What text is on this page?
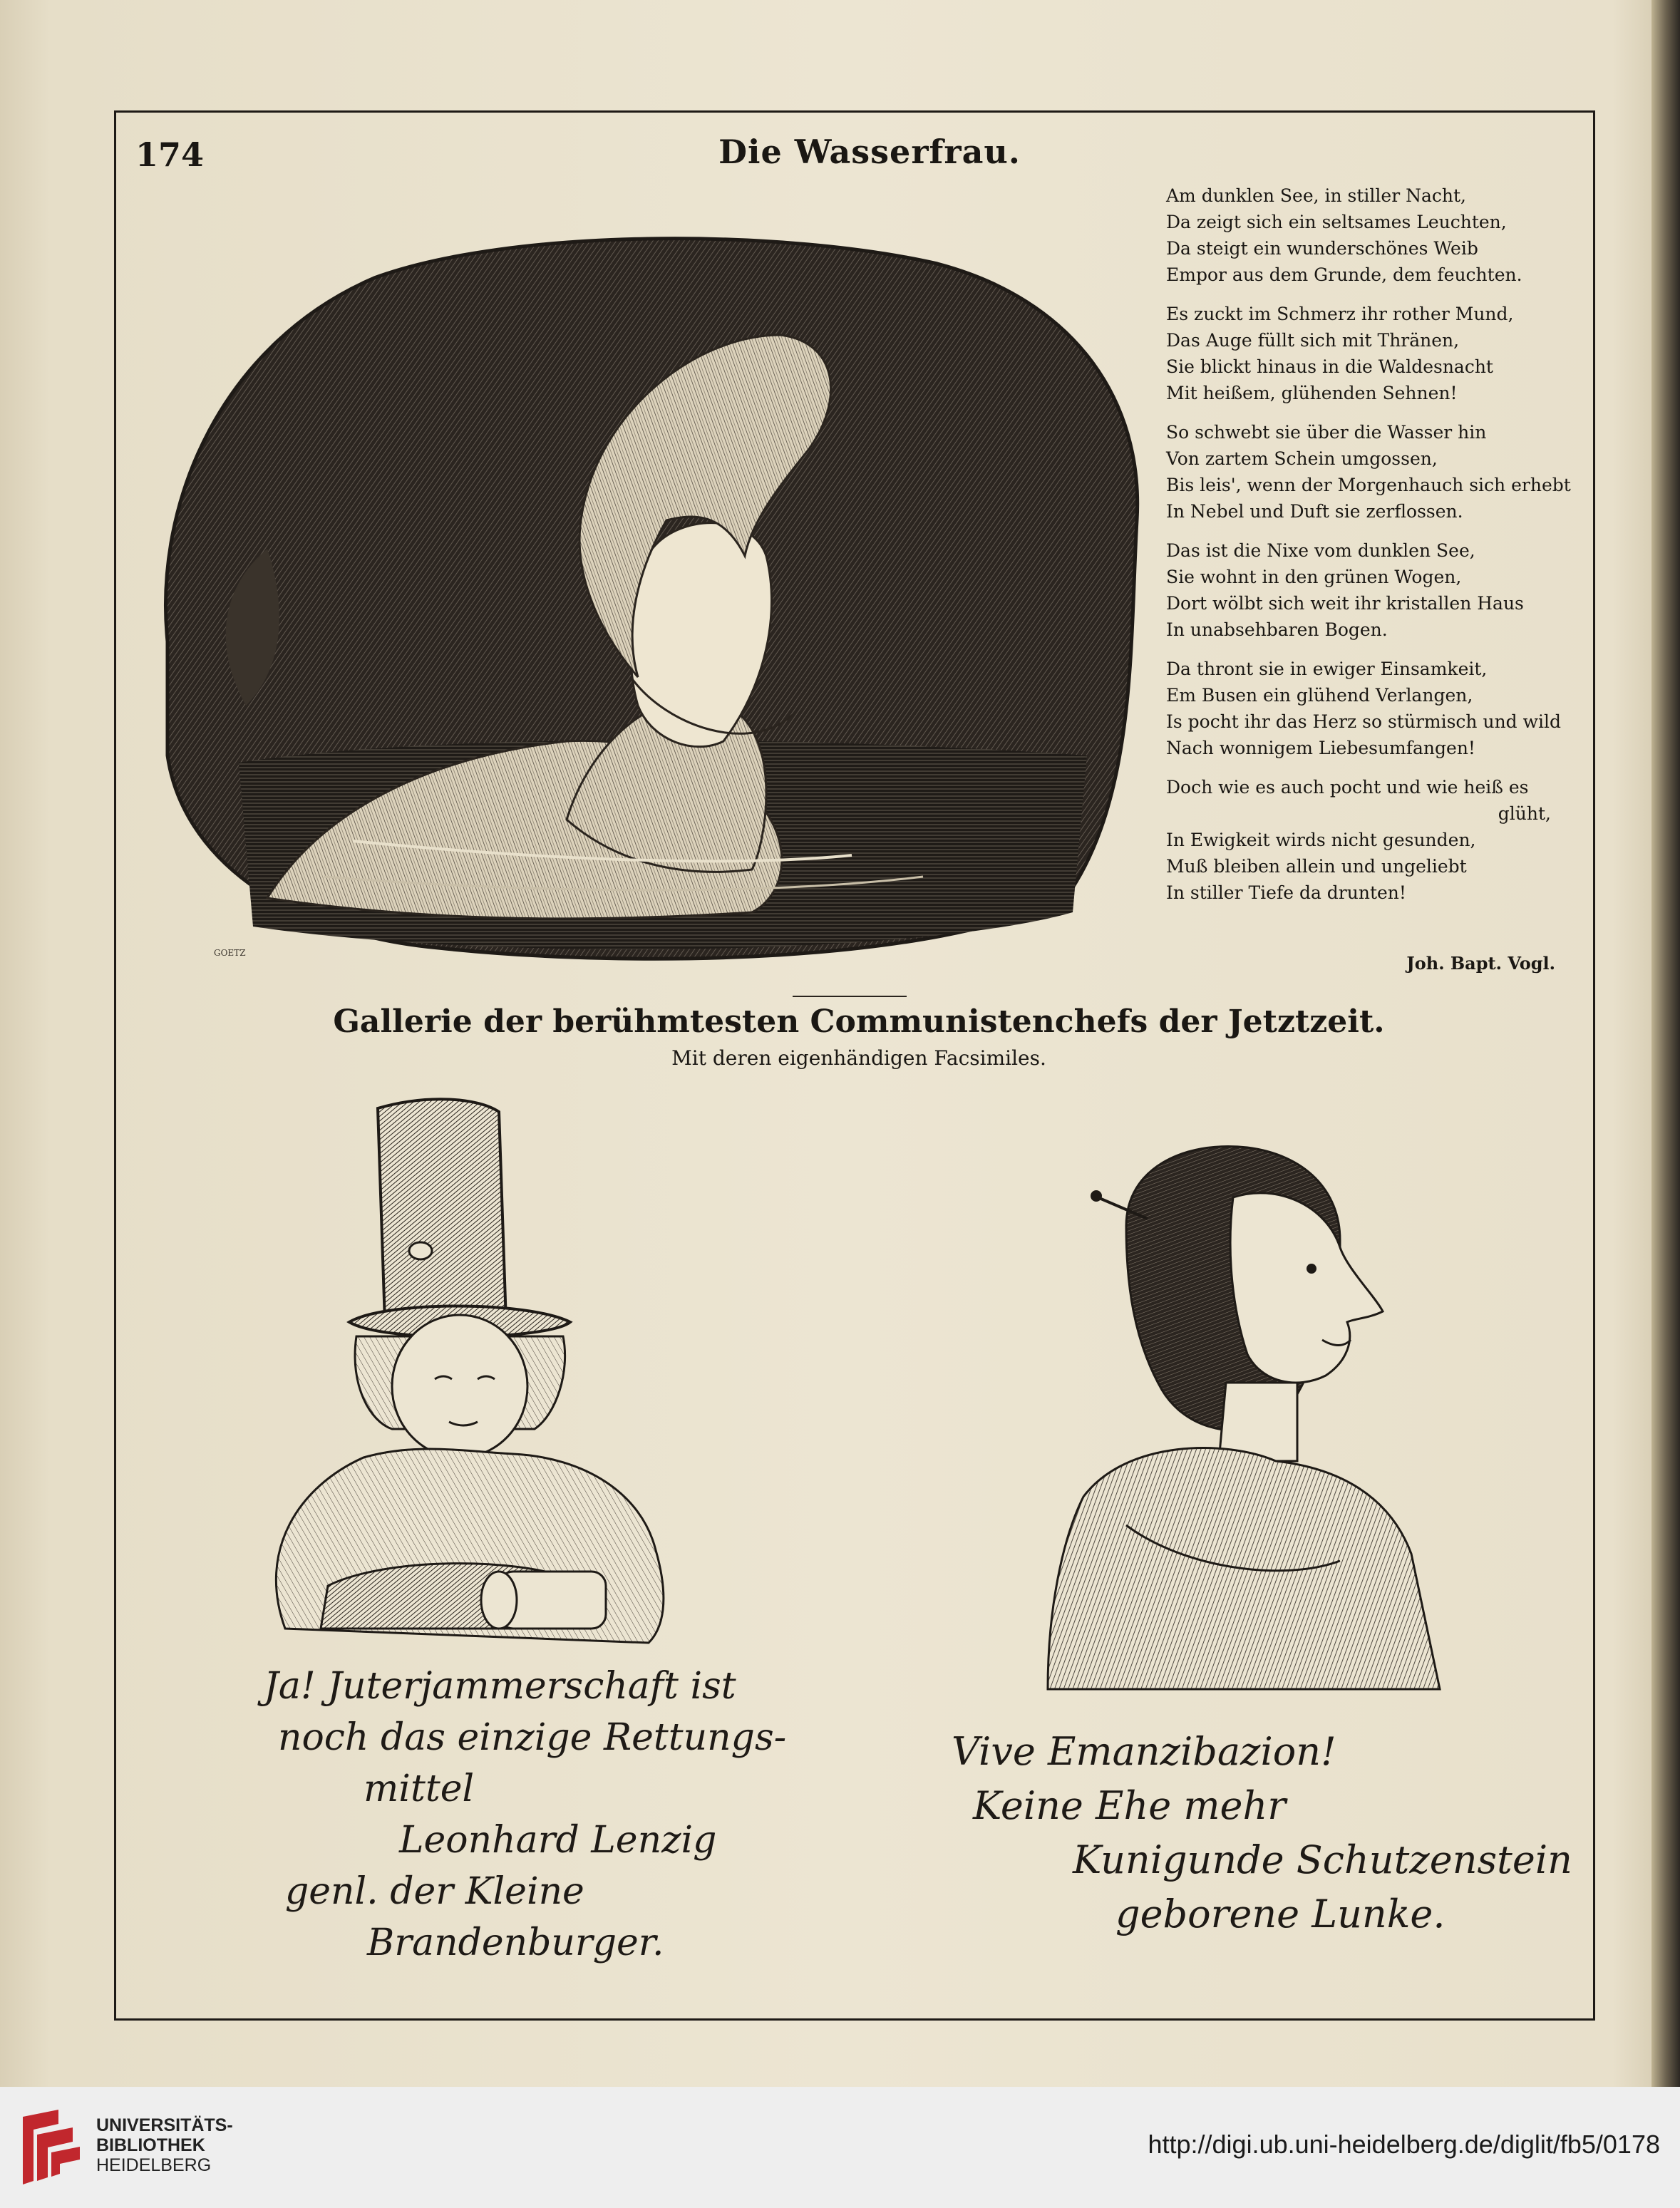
174	Die Wasserfrau.
GOETZ
Am dunklen See, in stiller Nacht,
Da zeigt sich ein seltsames Leuchten,
Da steigt ein wunderschönes Weib
Empor aus dem Grunde, dem feuchten.
Es zuckt im Schmerz ihr rother Mund,
Das Auge füllt sich mit Thränen,
Sie blickt hinaus in die Waldesnacht
Mit heißem, glühenden Sehnen!
So schwebt sie über die Wasser hin
Von zartem Schein umgossen,
Bis leis', wenn der Morgenhauch sich erhebt
In Nebel und Duft sie zerflossen.
Das ist die Nixe vom dunklen See,
Sie wohnt in den grünen Wogen,
Dort wölbt sich weit ihr kristallen Haus
In unabsehbaren Bogen.
Da thront sie in ewiger Einsamkeit,
Em Busen ein glühend Verlangen,
Is pocht ihr das Herz so stürmisch und wild
Nach wonnigem Liebesumfangen!
Doch wie es auch pocht und wie heiß es
glüht,
In Ewigkeit wirds nicht gesunden,
Muß bleiben allein und ungeliebt
In stiller Tiefe da drunten!
Joh. Bapt. Vogl.
Gallerie der berühmtesten Communistenchefs der Jetztzeit.
Mit deren eigenhändigen Facsimiles.
Ja! Juterjammerschaft ist
noch das einzige Rettungs-
mittel
Leonhard Lenzig
genl. der Kleine
Brandenburger.
Vive Emanzibazion!
Keine Ehe mehr
Kunigunde Schutzenstein
geborene Lunke.
UNIVERSITÄTS-
BIBLIOTHEK
HEIDELBERG
http://digi.ub.uni-heidelberg.de/diglit/fb5/0178
